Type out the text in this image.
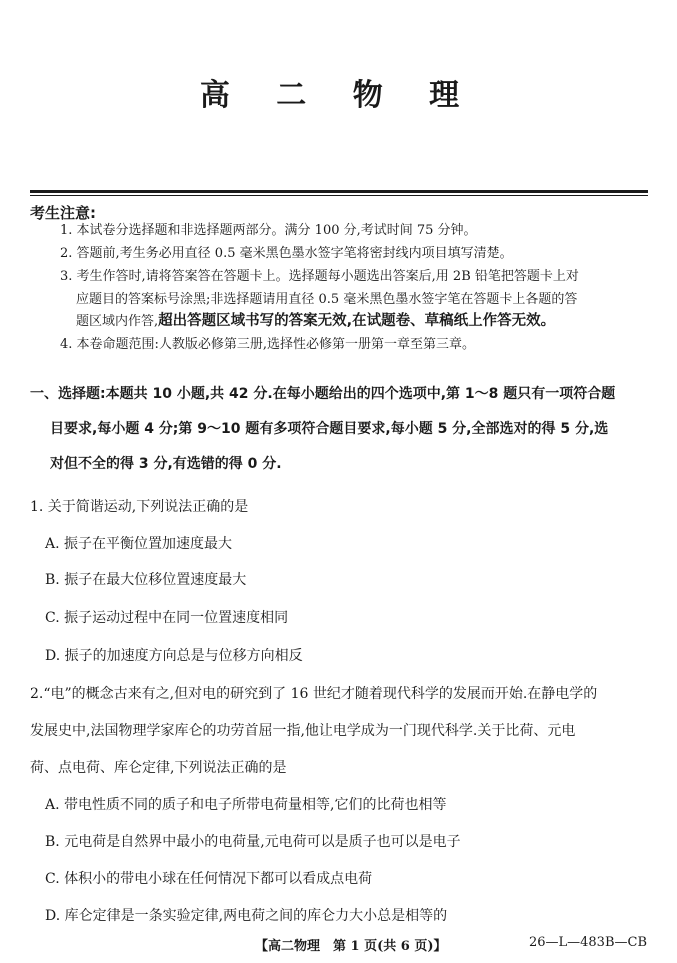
高 二 物 理
考生注意:
1. 本试卷分选择题和非选择题两部分。满分 100 分,考试时间 75 分钟。
2. 答题前,考生务必用直径 0.5 毫米黑色墨水签字笔将密封线内项目填写清楚。
3. 考生作答时,请将答案答在答题卡上。选择题每小题选出答案后,用 2B 铅笔把答题卡上对
应题目的答案标号涂黑;非选择题请用直径 0.5 毫米黑色墨水签字笔在答题卡上各题的答
题区域内作答,超出答题区域书写的答案无效,在试题卷、草稿纸上作答无效。
4. 本卷命题范围:人教版必修第三册,选择性必修第一册第一章至第三章。
一、选择题:本题共 10 小题,共 42 分.在每小题给出的四个选项中,第 1～8 题只有一项符合题
目要求,每小题 4 分;第 9～10 题有多项符合题目要求,每小题 5 分,全部选对的得 5 分,选
对但不全的得 3 分,有选错的得 0 分.
1. 关于简谐运动,下列说法正确的是
A. 振子在平衡位置加速度最大
B. 振子在最大位移位置速度最大
C. 振子运动过程中在同一位置速度相同
D. 振子的加速度方向总是与位移方向相反
2.“电”的概念古来有之,但对电的研究到了 16 世纪才随着现代科学的发展而开始.在静电学的
发展史中,法国物理学家库仑的功劳首屈一指,他让电学成为一门现代科学.关于比荷、元电
荷、点电荷、库仑定律,下列说法正确的是
A. 带电性质不同的质子和电子所带电荷量相等,它们的比荷也相等
B. 元电荷是自然界中最小的电荷量,元电荷可以是质子也可以是电子
C. 体积小的带电小球在任何情况下都可以看成点电荷
D. 库仑定律是一条实验定律,两电荷之间的库仑力大小总是相等的
【高二物理　第 1 页(共 6 页)】	26—L—483B—CB
